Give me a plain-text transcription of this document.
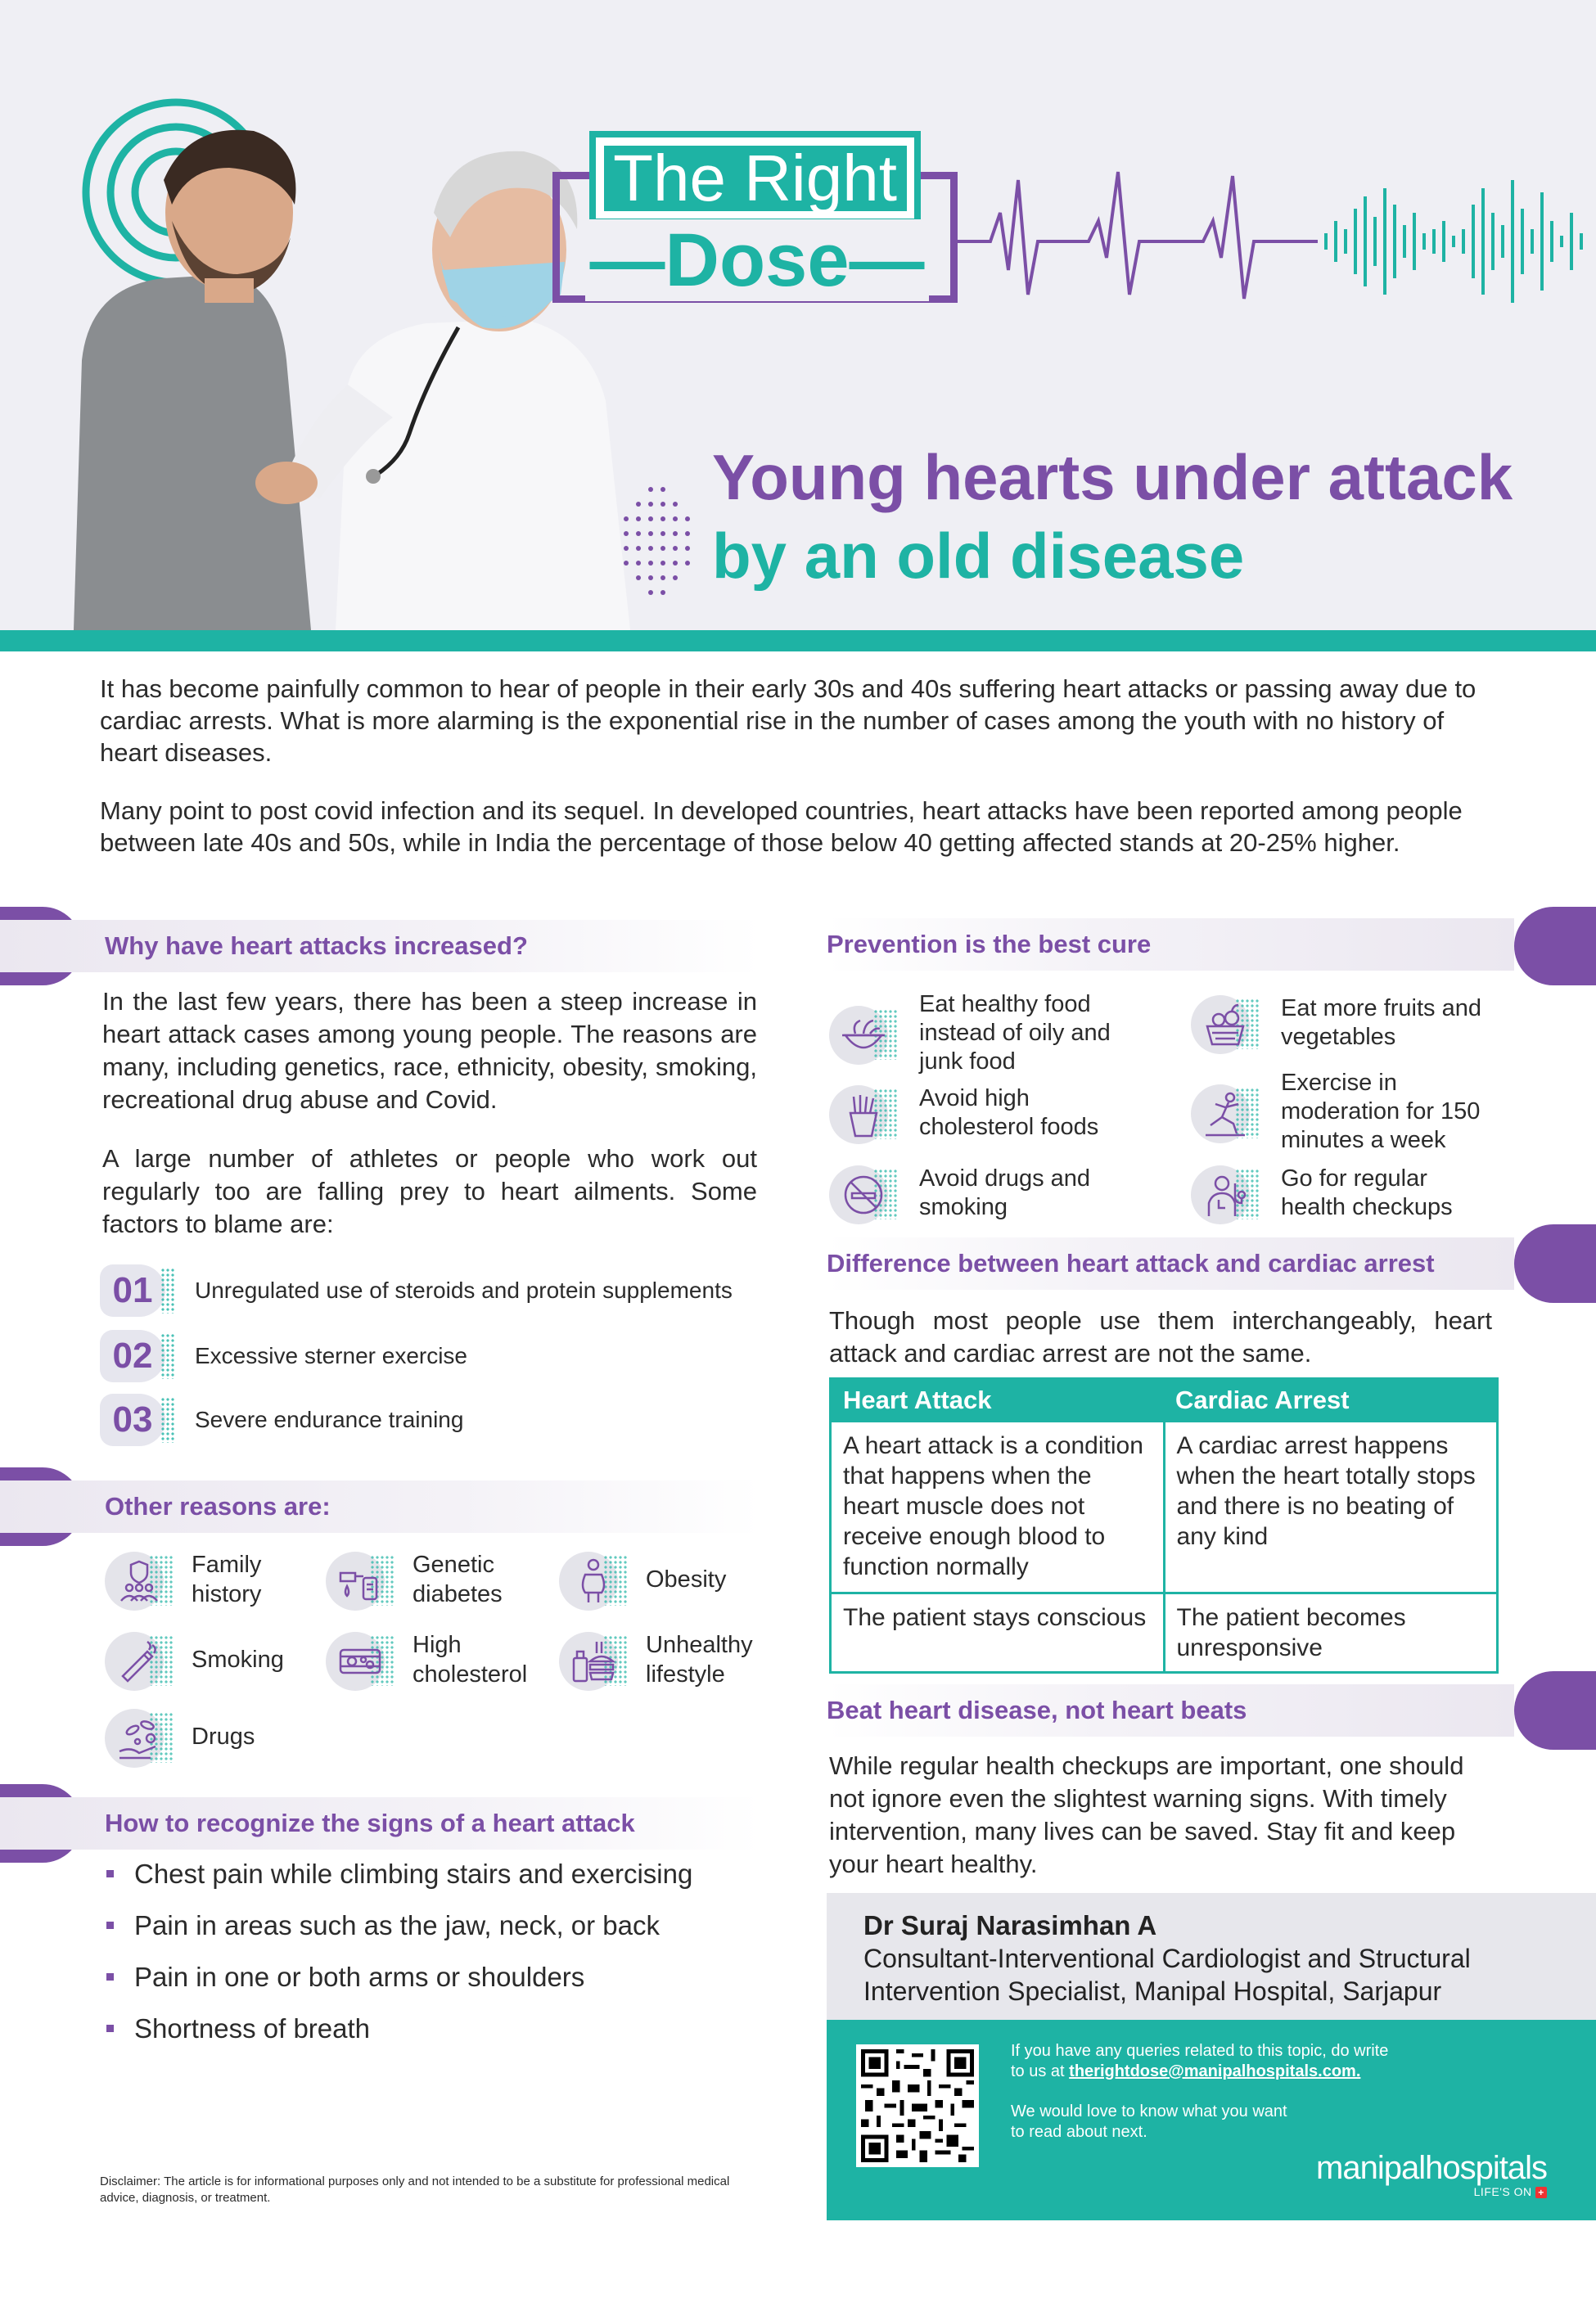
The Right
—Dose—
Young hearts under attack
by an old disease

It has become painfully common to hear of people in their early 30s and 40s suffering heart attacks or passing away due to cardiac arrests. What is more alarming is the exponential rise in the number of cases among the youth with no history of heart diseases.

Many point to post covid infection and its sequel. In developed countries, heart attacks have been reported among people between late 40s and 50s, while in India the percentage of those below 40 getting affected stands at 20-25% higher.

Why have heart attacks increased?
In the last few years, there has been a steep increase in heart attack cases among young people. The reasons are many, including genetics, race, ethnicity, obesity, smoking, recreational drug abuse and Covid.
A large number of athletes or people who work out regularly too are falling prey to heart ailments. Some factors to blame are:
01	Unregulated use of steroids and protein supplements
02	Excessive sterner exercise
03	Severe endurance training
Other reasons are:
Family
history
Genetic
diabetes
Obesity

Smoking
High
cholesterol
Unhealthy
lifestyle
Drugs
How to recognize the signs of a heart attack
Chest pain while climbing stairs and exercising
Pain in areas such as the jaw, neck, or back
Pain in one or both arms or shoulders
Shortness of breath
Disclaimer: The article is for informational purposes only and not intended to be a substitute for professional medical advice, diagnosis, or treatment.
Prevention is the best cure
Eat healthy food instead of oily and junk food
Eat more fruits and vegetables
Avoid high cholesterol foods
Exercise in moderation for 150 minutes a week
Avoid drugs and smoking
Go for regular health checkups
Difference between heart attack and cardiac arrest
Though most people use them interchangeably, heart attack and cardiac arrest are not the same.
Heart Attack	Cardiac Arrest
A heart attack is a condition that happens when the heart muscle does not receive enough blood to function normally	A cardiac arrest happens when the heart totally stops and there is no beating of any kind
The patient stays conscious	The patient becomes unresponsive
Beat heart disease, not heart beats
While regular health checkups are important, one should not ignore even the slightest warning signs. With timely intervention, many lives can be saved. Stay fit and keep your heart healthy.
Dr Suraj Narasimhan A
Consultant-Interventional Cardiologist and Structural
Intervention Specialist, Manipal Hospital, Sarjapur
If you have any queries related to this topic, do write
to us at therightdose@manipalhospitals.com.
We would love to know what you want
to read about next.
manipalhospitals
LIFE'S ON +
